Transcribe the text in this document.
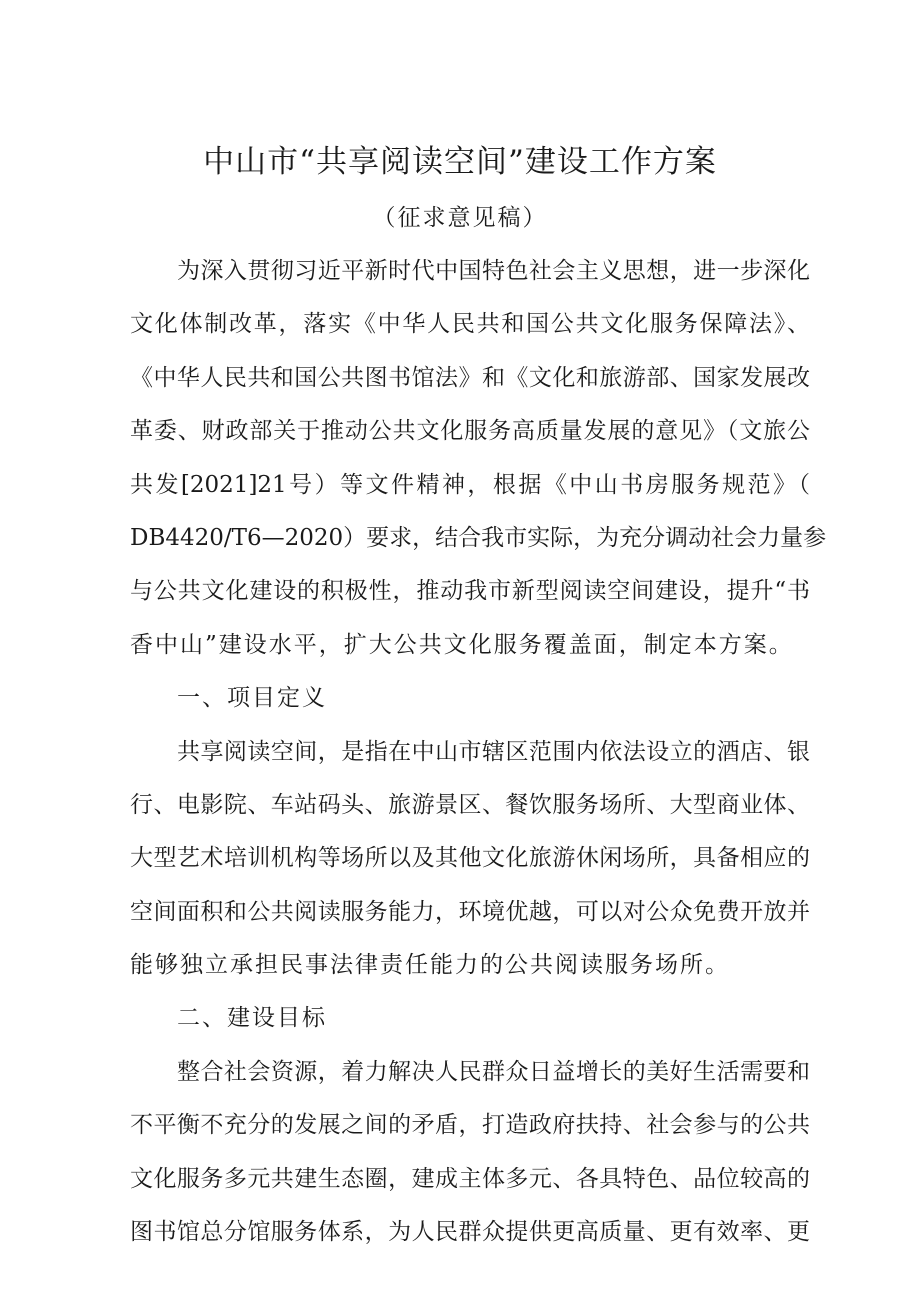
中山市“共享阅读空间”建设工作方案
（征求意见稿）
为深入贯彻习近平新时代中国特色社会主义思想，进一步深化
文化体制改革，落实《中华人民共和国公共文化服务保障法》、
《中华人民共和国公共图书馆法》和《文化和旅游部、国家发展改
革委、财政部关于推动公共文化服务高质量发展的意见》（文旅公
共发[2021]21号）等文件精神，根据《中山书房服务规范》（
DB4420/T6—2020）要求，结合我市实际，为充分调动社会力量参
与公共文化建设的积极性，推动我市新型阅读空间建设，提升“书
香中山”建设水平，扩大公共文化服务覆盖面，制定本方案。
一、项目定义
共享阅读空间，是指在中山市辖区范围内依法设立的酒店、银
行、电影院、车站码头、旅游景区、餐饮服务场所、大型商业体、
大型艺术培训机构等场所以及其他文化旅游休闲场所，具备相应的
空间面积和公共阅读服务能力，环境优越，可以对公众免费开放并
能够独立承担民事法律责任能力的公共阅读服务场所。
二、建设目标
整合社会资源，着力解决人民群众日益增长的美好生活需要和
不平衡不充分的发展之间的矛盾，打造政府扶持、社会参与的公共
文化服务多元共建生态圈，建成主体多元、各具特色、品位较高的
图书馆总分馆服务体系，为人民群众提供更高质量、更有效率、更
